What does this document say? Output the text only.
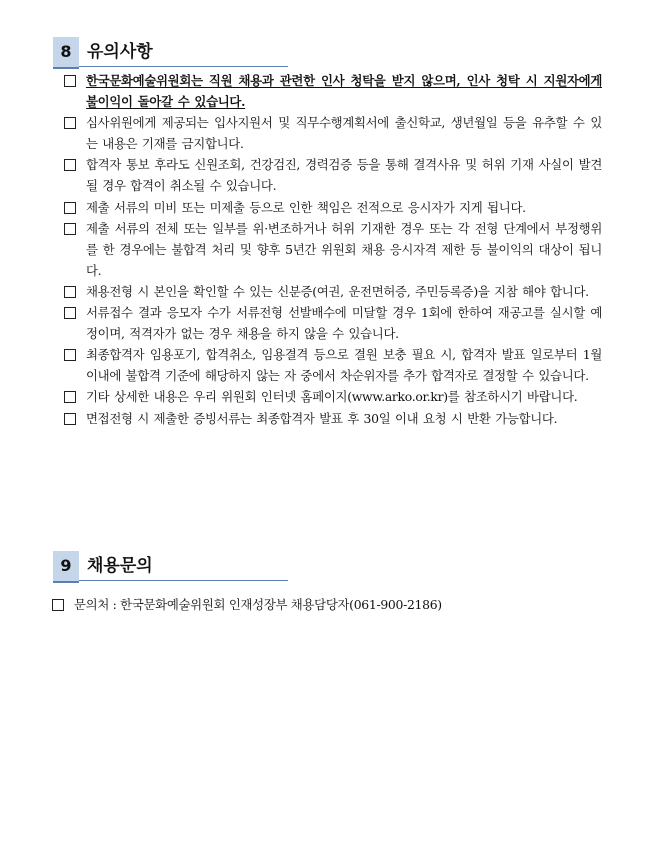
8 유의사항

한국문화예술위원회는 직원 채용과 관련한 인사 청탁을 받지 않으며, 인사 청탁 시 지원자에게 불이익이 돌아갈 수 있습니다.

심사위원에게 제공되는 입사지원서 및 직무수행계획서에 출신학교, 생년월일 등을 유추할 수 있는 내용은 기재를 금지합니다.

합격자 통보 후라도 신원조회, 건강검진, 경력검증 등을 통해 결격사유 및 허위 기재 사실이 발견될 경우 합격이 취소될 수 있습니다.

제출 서류의 미비 또는 미제출 등으로 인한 책임은 전적으로 응시자가 지게 됩니다.

제출 서류의 전체 또는 일부를 위·변조하거나 허위 기재한 경우 또는 각 전형 단계에서 부정행위를 한 경우에는 불합격 처리 및 향후 5년간 위원회 채용 응시자격 제한 등 불이익의 대상이 됩니다.

채용전형 시 본인을 확인할 수 있는 신분증(여권, 운전면허증, 주민등록증)을 지참 해야 합니다.

서류접수 결과 응모자 수가 서류전형 선발배수에 미달할 경우 1회에 한하여 재공고를 실시할 예정이며, 적격자가 없는 경우 채용을 하지 않을 수 있습니다.

최종합격자 임용포기, 합격취소, 임용결격 등으로 결원 보충 필요 시, 합격자 발표 일로부터 1월 이내에 불합격 기준에 해당하지 않는 자 중에서 차순위자를 추가 합격자로 결정할 수 있습니다.

기타 상세한 내용은 우리 위원회 인터넷 홈페이지(www.arko.or.kr)를 참조하시기 바랍니다.

면접전형 시 제출한 증빙서류는 최종합격자 발표 후 30일 이내 요청 시 반환 가능합니다.

9 채용문의
문의처 : 한국문화예술위원회 인재성장부 채용담당자(061-900-2186)
